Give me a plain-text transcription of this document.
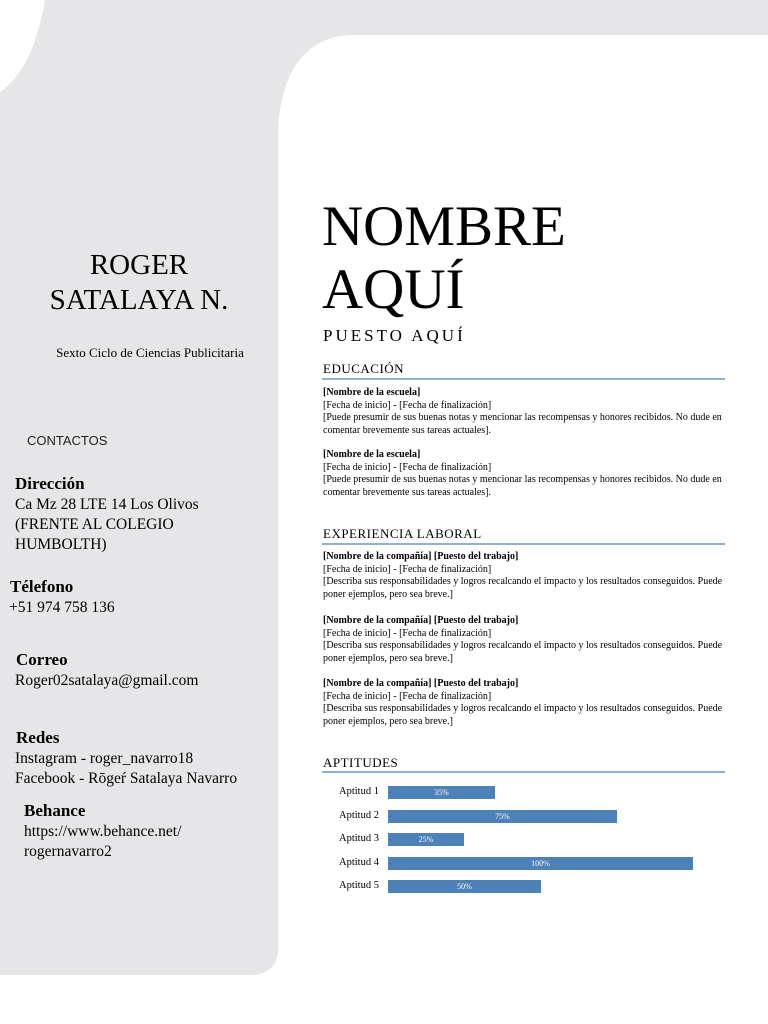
ROGER
SATALAYA N.
Sexto Ciclo de Ciencias Publicitaria
CONTACTOS
Dirección
Ca Mz 28 LTE 14 Los Olivos
(FRENTE AL COLEGIO
HUMBOLTH)
Télefono
+51 974 758 136
Correo
Roger02satalaya@gmail.com
Redes
Instagram - roger_navarro18
Facebook - Rōgeŕ Satalaya Navarro
Behance
https://www.behance.net/
rogernavarro2
NOMBRE
AQUÍ
PUESTO AQUÍ
EDUCACIÓN
[Nombre de la escuela]
[Fecha de inicio] - [Fecha de finalización]
[Puede presumir de sus buenas notas y mencionar las recompensas y honores recibidos. No dude en comentar brevemente sus tareas actuales].
[Nombre de la escuela]
[Fecha de inicio] - [Fecha de finalización]
[Puede presumir de sus buenas notas y mencionar las recompensas y honores recibidos. No dude en comentar brevemente sus tareas actuales].
EXPERIENCIA LABORAL
[Nombre de la compañía] [Puesto del trabajo]
[Fecha de inicio] - [Fecha de finalización]
[Describa sus responsabilidades y logros recalcando el impacto y los resultados conseguidos. Puede poner ejemplos, pero sea breve.]
[Nombre de la compañía] [Puesto del trabajo]
[Fecha de inicio] - [Fecha de finalización]
[Describa sus responsabilidades y logros recalcando el impacto y los resultados conseguidos. Puede poner ejemplos, pero sea breve.]
[Nombre de la compañía] [Puesto del trabajo]
[Fecha de inicio] - [Fecha de finalización]
[Describa sus responsabilidades y logros recalcando el impacto y los resultados conseguidos. Puede poner ejemplos, pero sea breve.]
APTITUDES
Aptitud 1	35%
Aptitud 2	75%
Aptitud 3	25%
Aptitud 4	100%
Aptitud 5	50%
